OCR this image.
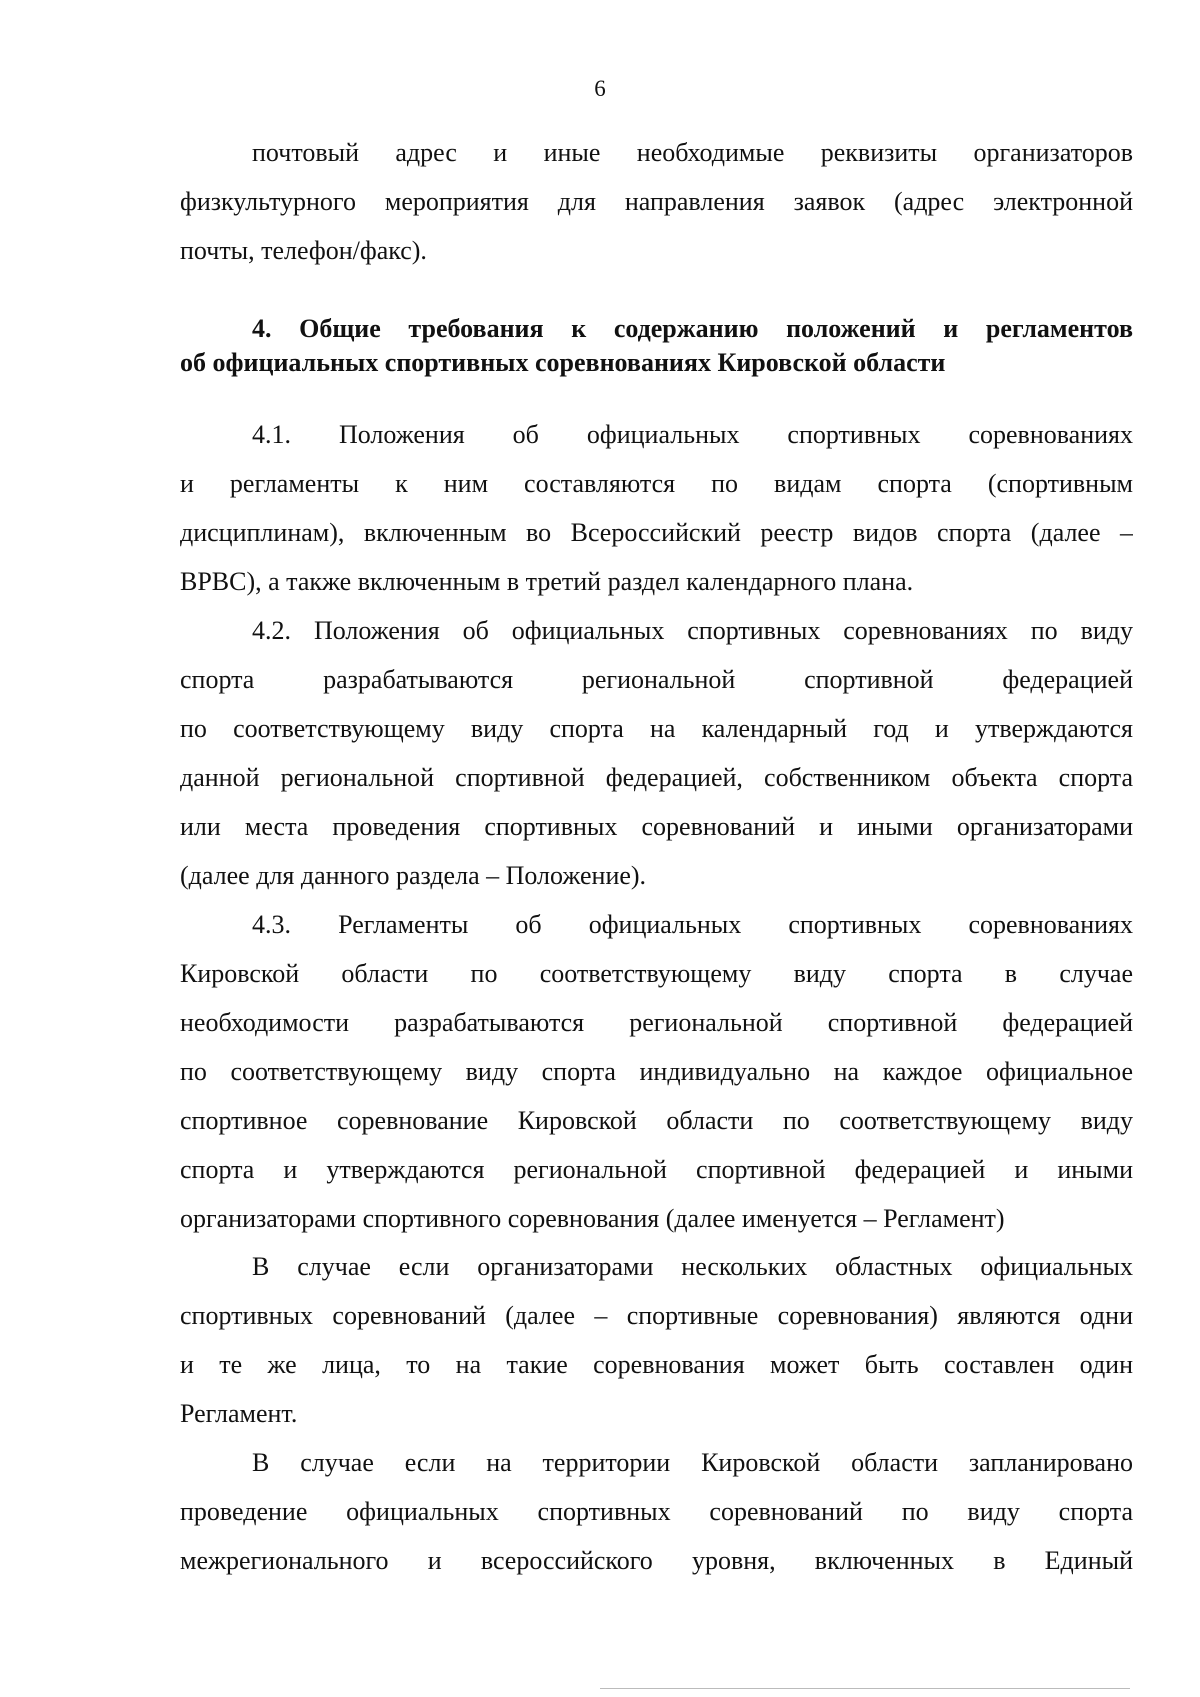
6

почтовый адрес и иные необходимые реквизиты организаторов
физкультурного мероприятия для направления заявок (адрес электронной
почты, телефон/факс).

4. Общие требования к содержанию положений и регламентов
об официальных спортивных соревнованиях Кировской области

4.1. Положения об официальных спортивных соревнованиях
и регламенты к ним составляются по видам спорта (спортивным
дисциплинам), включенным во Всероссийский реестр видов спорта (далее –
ВРВС), а также включенным в третий раздел календарного плана.

4.2. Положения об официальных спортивных соревнованиях по виду
спорта разрабатываются региональной спортивной федерацией
по соответствующему виду спорта на календарный год и утверждаются
данной региональной спортивной федерацией, собственником объекта спорта
или места проведения спортивных соревнований и иными организаторами
(далее для данного раздела – Положение).

4.3. Регламенты об официальных спортивных соревнованиях
Кировской области по соответствующему виду спорта в случае
необходимости разрабатываются региональной спортивной федерацией
по соответствующему виду спорта индивидуально на каждое официальное
спортивное соревнование Кировской области по соответствующему виду
спорта и утверждаются региональной спортивной федерацией и иными
организаторами спортивного соревнования (далее именуется – Регламент)

В случае если организаторами нескольких областных официальных
спортивных соревнований (далее – спортивные соревнования) являются одни
и те же лица, то на такие соревнования может быть составлен один
Регламент.

В случае если на территории Кировской области запланировано
проведение официальных спортивных соревнований по виду спорта
межрегионального и всероссийского уровня, включенных в Единый
